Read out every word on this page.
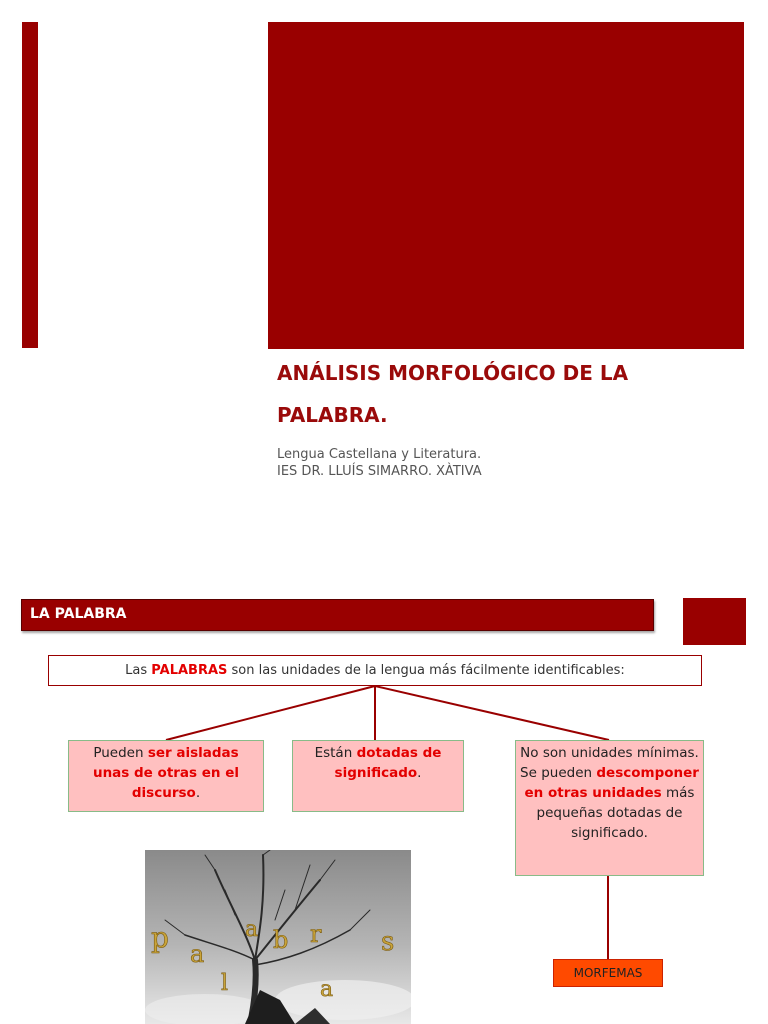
ANÁLISIS MORFOLÓGICO DE LA
PALABRA.
Lengua Castellana y Literatura.
IES DR. LLUÍS SIMARRO. XÀTIVA
LA PALABRA
Las PALABRAS son las unidades de la lengua más fácilmente identificables:
Pueden ser aisladas unas de otras en el discurso.
Están dotadas de significado.
No son unidades mínimas. Se pueden descomponer en otras unidades más pequeñas dotadas de significado.
p a
l
a b r
a
s
MORFEMAS
